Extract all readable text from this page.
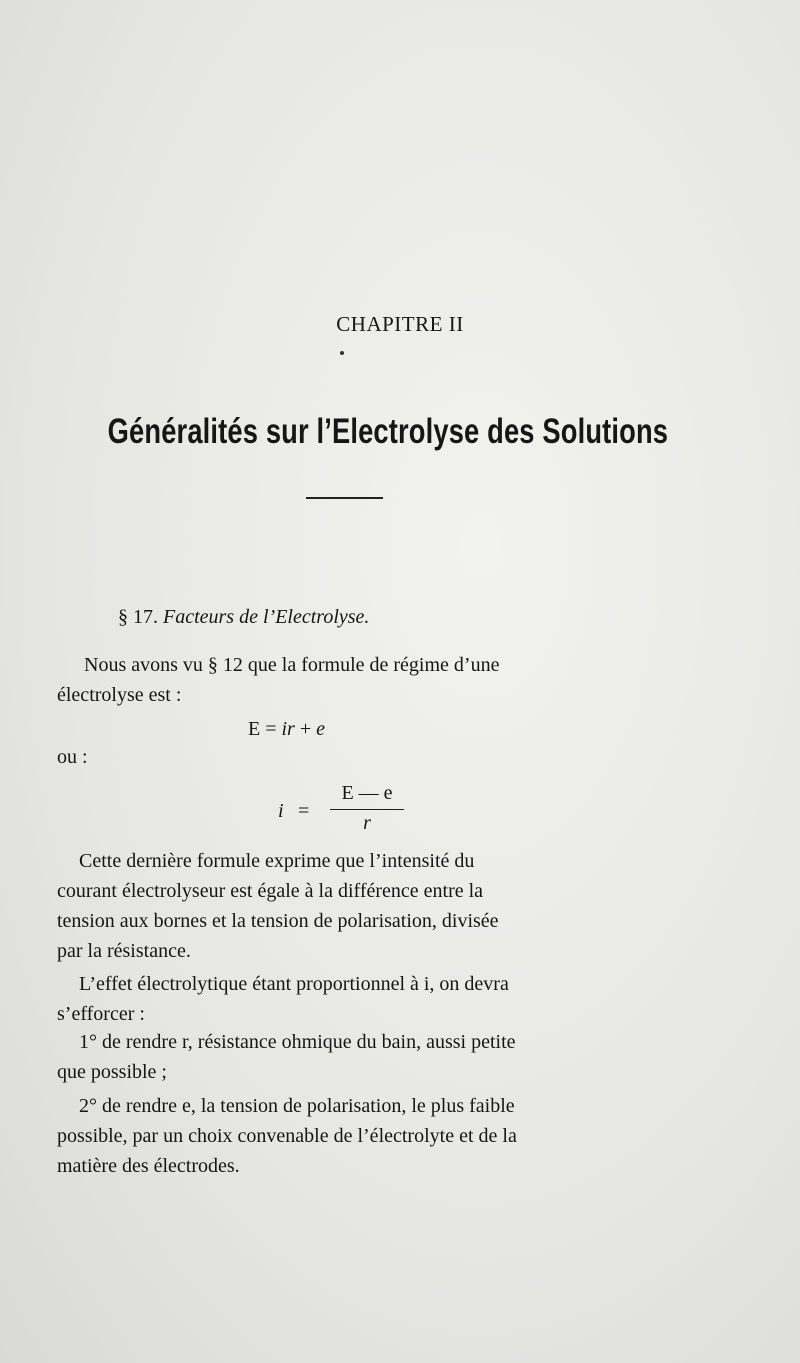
CHAPITRE II
Généralités sur l’Electrolyse des Solutions
§ 17. Facteurs de l’Electrolyse.
Nous avons vu § 12 que la formule de régime d’une
électrolyse est :
E = ir + e
ou :
i =
E — e
r
Cette dernière formule exprime que l’intensité du
courant électrolyseur est égale à la différence entre la
tension aux bornes et la tension de polarisation, divisée
par la résistance.
L’effet électrolytique étant proportionnel à i, on devra
s’efforcer :
1° de rendre r, résistance ohmique du bain, aussi petite
que possible ;
2° de rendre e, la tension de polarisation, le plus faible
possible, par un choix convenable de l’électrolyte et de la
matière des électrodes.
